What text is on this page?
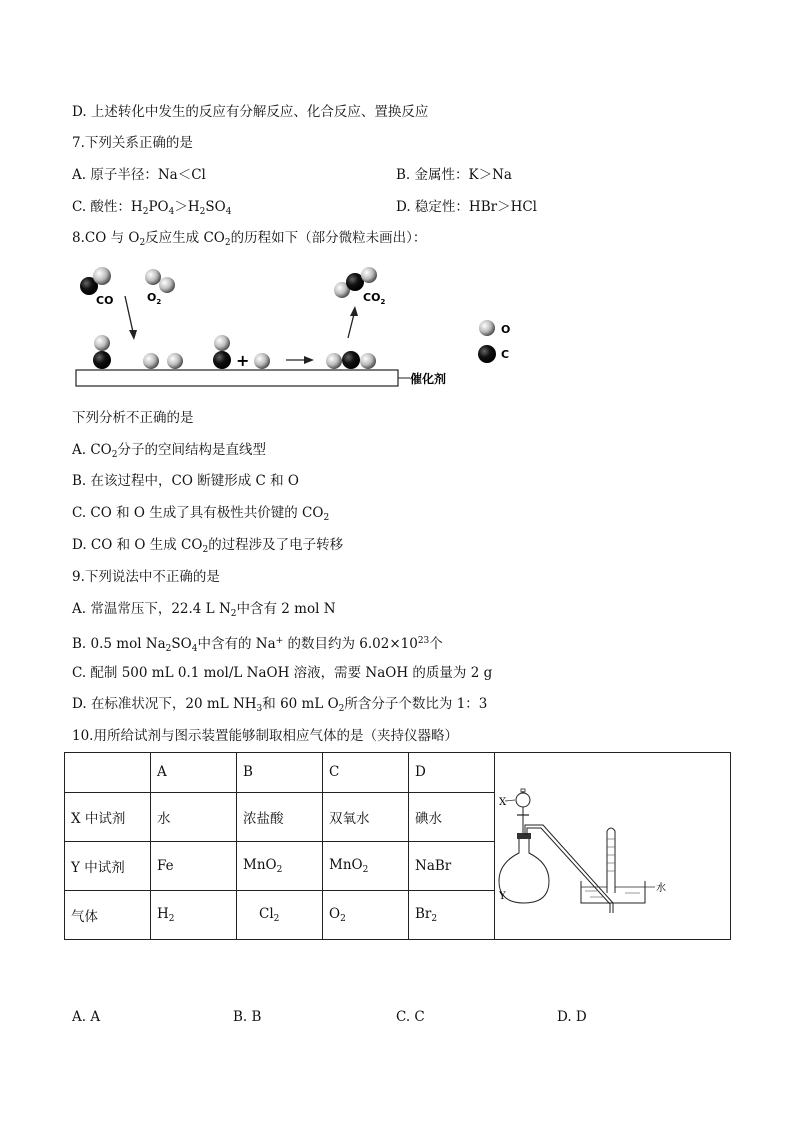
D. 上述转化中发生的反应有分解反应、化合反应、置换反应
7.下列关系正确的是
A. 原子半径：Na＜Cl	B. 金属性：K＞Na
C. 酸性：$H_2PO_4>H_2SO_4$	D. 稳定性：HBr＞HCl
8.CO 与 $O_2$反应生成 $CO_2$的历程如下（部分微粒未画出）：
催化剂
CO	$O_2$
+
$CO_2$
O
C
下列分析不正确的是
A. $CO_2$分子的空间结构是直线型
B. 在该过程中，CO 断键形成 C 和 O
C. CO 和 O 生成了具有极性共价键的 $CO_2$
D. CO 和 O 生成 $CO_2$的过程涉及了电子转移
9.下列说法中不正确的是
A. 常温常压下，22.4 L $N_2$中含有 2 mol N
B. 0.5 mol $Na_2SO_4$中含有的 Na+ 的数目约为 $6.02\times 10^{23}$个
C. 配制 500 mL 0.1 mol/L NaOH 溶液，需要 NaOH 的质量为 2 g
D. 在标准状况下，20 mL $NH_3$和 60 mL $O_2$所含分子个数比为 1：3
10.用所给试剂与图示装置能够制取相应气体的是（夹持仪器略）
	A	B	C	D	X
Y
水

X 中试剂	水	浓盐酸	双氧水	碘水	
Y 中试剂	Fe	MnO$_2$	MnO$_2$	NaBr	
气体	$H_2$	$Cl_2$	$O_2$	$Br_2$
A. A	B. B	C. C	D. D
